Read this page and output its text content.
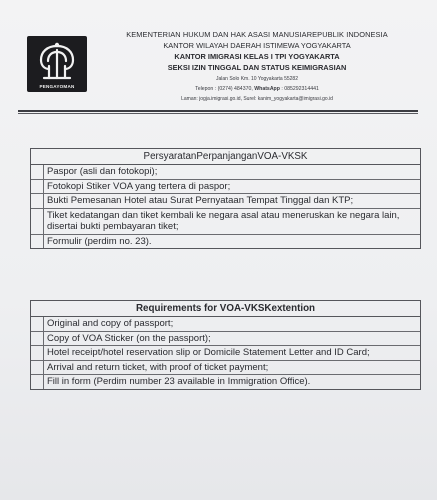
PENGAYOMAN
KEMENTERIAN HUKUM DAN HAK ASASI MANUSIAREPUBLIK INDONESIA
KANTOR WILAYAH DAERAH ISTIMEWA YOGYAKARTA
KANTOR IMIGRASI KELAS I TPI YOGYAKARTA
SEKSI IZIN TINGGAL DAN STATUS KEIMIGRASIAN
Jalan Solo Km. 10 Yogyakarta 55282
Telepon : (0274) 484370, WhatsApp : 085292314441
Laman: jogja.imigrasi.go.id, Surel: kanim_yogyakarta@imigrasi.go.id
PersyaratanPerpanjanganVOA-VKSK
Paspor (asli dan fotokopi);
Fotokopi Stiker VOA yang tertera di paspor;
Bukti Pemesanan Hotel atau Surat Pernyataan Tempat Tinggal dan KTP;
Tiket kedatangan dan tiket kembali ke negara asal atau meneruskan ke negara lain, disertai bukti pembayaran tiket;
Formulir (perdim no. 23).
Requirements for VOA-VKSKextention
Original and copy of passport;
Copy of VOA Sticker (on the passport);
Hotel receipt/hotel reservation slip or Domicile Statement Letter and ID Card;
Arrival and return ticket, with proof of ticket payment;
Fill in form (Perdim number 23 available in Immigration Office).
